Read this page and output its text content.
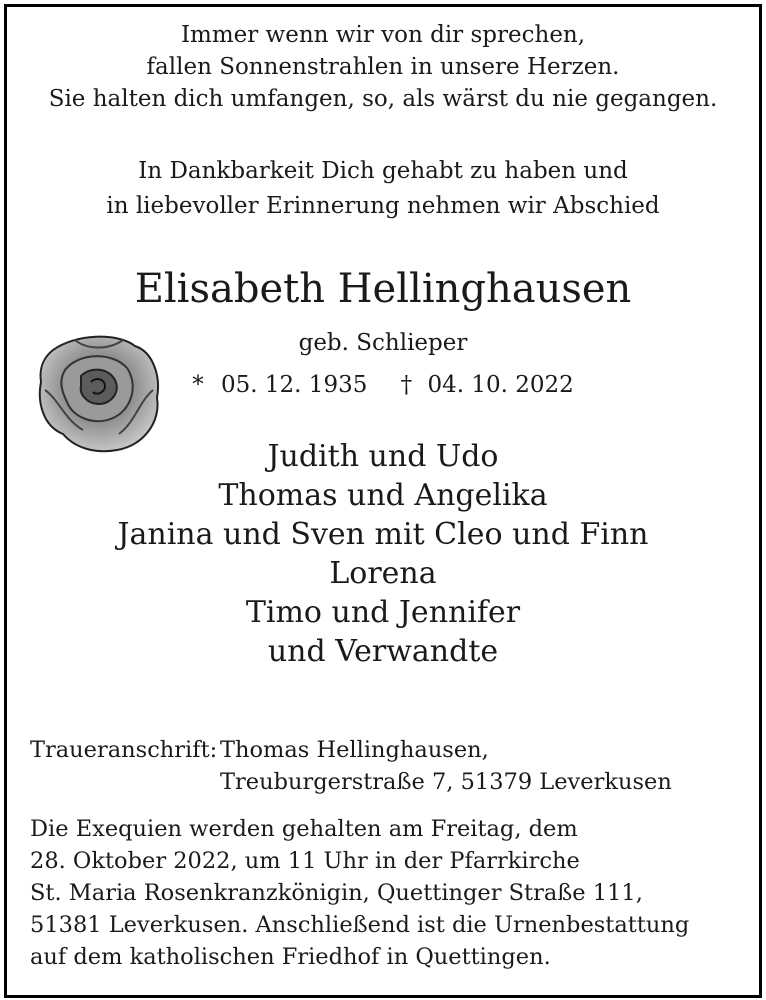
Immer wenn wir von dir sprechen,
fallen Sonnenstrahlen in unsere Herzen.
Sie halten dich umfangen, so, als wärst du nie gegangen.
In Dankbarkeit Dich gehabt zu haben und
in liebevoller Erinnerung nehmen wir Abschied
Elisabeth Hellinghausen
geb. Schlieper
* 05. 12. 1935 † 04. 10. 2022
Judith und Udo
Thomas und Angelika
Janina und Sven mit Cleo und Finn
Lorena
Timo und Jennifer
und Verwandte
Traueranschrift: Thomas Hellinghausen,
Treuburgerstraße 7, 51379 Leverkusen
Die Exequien werden gehalten am Freitag, dem
28. Oktober 2022, um 11 Uhr in der Pfarrkirche
St. Maria Rosenkranzkönigin, Quettinger Straße 111,
51381 Leverkusen. Anschließend ist die Urnenbestattung
auf dem katholischen Friedhof in Quettingen.
